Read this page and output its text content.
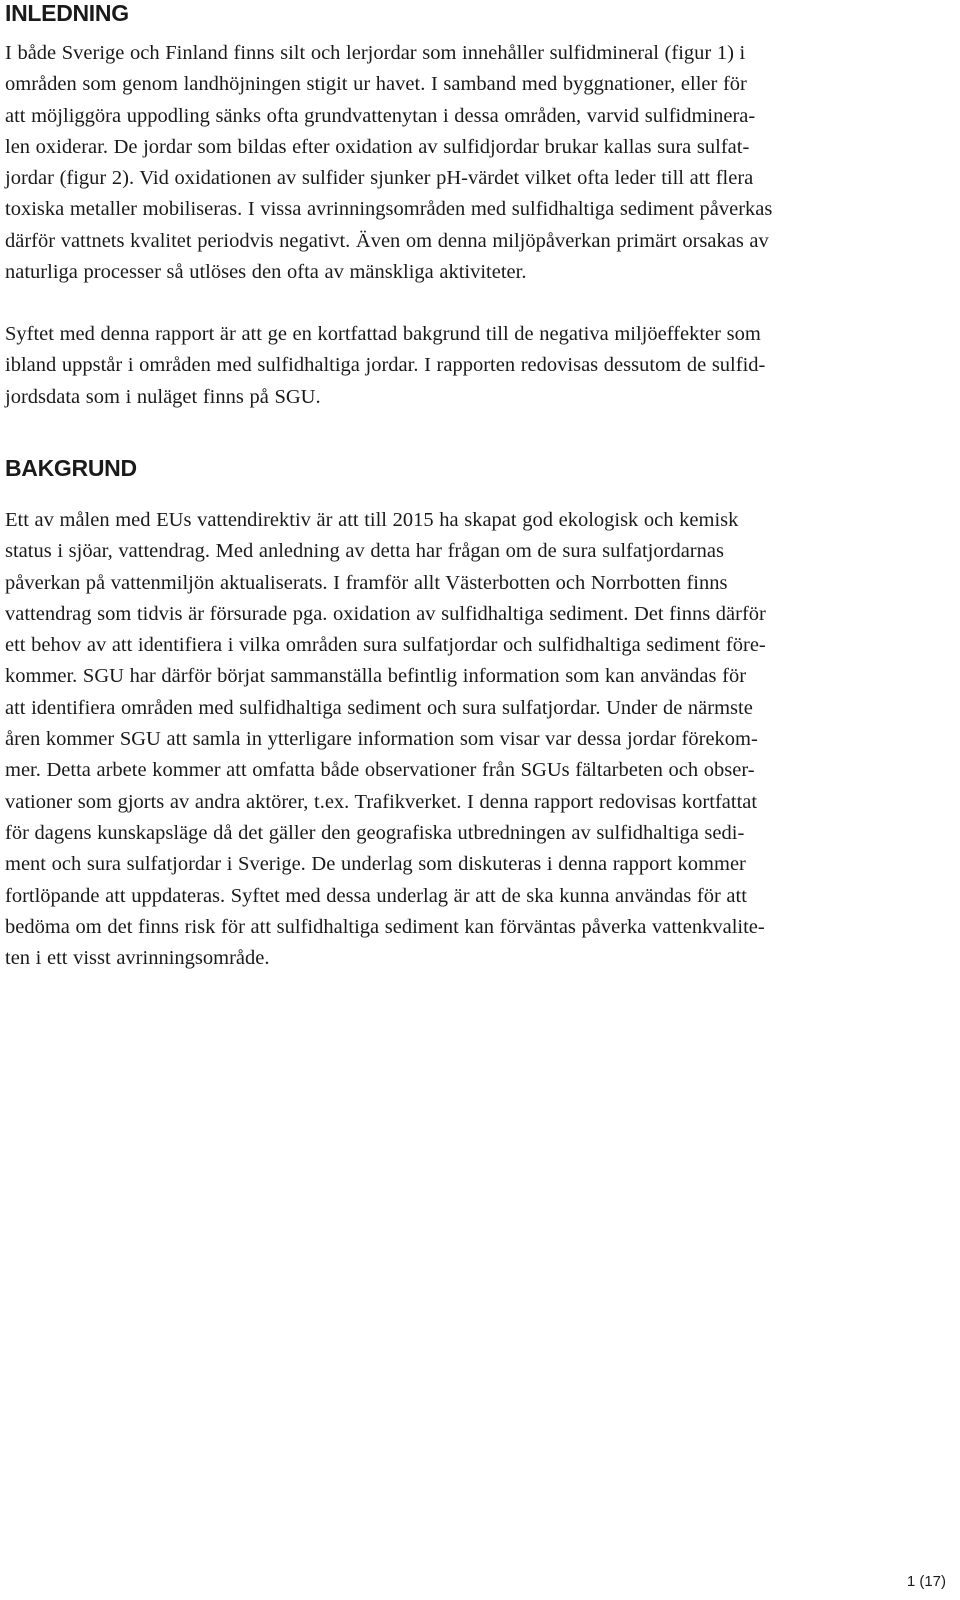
INLEDNING

I både Sverige och Finland finns silt och lerjordar som innehåller sulfidmineral (figur 1) i
områden som genom landhöjningen stigit ur havet. I samband med byggnationer, eller för
att möjliggöra uppodling sänks ofta grundvattenytan i dessa områden, varvid sulfidminera-
len oxiderar. De jordar som bildas efter oxidation av sulfidjordar brukar kallas sura sulfat-
jordar (figur 2). Vid oxidationen av sulfider sjunker pH-värdet vilket ofta leder till att flera
toxiska metaller mobiliseras. I vissa avrinningsområden med sulfidhaltiga sediment påverkas
därför vattnets kvalitet periodvis negativt. Även om denna miljöpåverkan primärt orsakas av
naturliga processer så utlöses den ofta av mänskliga aktiviteter.

Syftet med denna rapport är att ge en kortfattad bakgrund till de negativa miljöeffekter som
ibland uppstår i områden med sulfidhaltiga jordar. I rapporten redovisas dessutom de sulfid-
jordsdata som i nuläget finns på SGU.

BAKGRUND

Ett av målen med EUs vattendirektiv är att till 2015 ha skapat god ekologisk och kemisk
status i sjöar, vattendrag. Med anledning av detta har frågan om de sura sulfatjordarnas
påverkan på vattenmiljön aktualiserats. I framför allt Västerbotten och Norrbotten finns
vattendrag som tidvis är försurade pga. oxidation av sulfidhaltiga sediment. Det finns därför
ett behov av att identifiera i vilka områden sura sulfatjordar och sulfidhaltiga sediment före-
kommer. SGU har därför börjat sammanställa befintlig information som kan användas för
att identifiera områden med sulfidhaltiga sediment och sura sulfatjordar. Under de närmste
åren kommer SGU att samla in ytterligare information som visar var dessa jordar förekom-
mer. Detta arbete kommer att omfatta både observationer från SGUs fältarbeten och obser-
vationer som gjorts av andra aktörer, t.ex. Trafikverket. I denna rapport redovisas kortfattat
för dagens kunskapsläge då det gäller den geografiska utbredningen av sulfidhaltiga sedi-
ment och sura sulfatjordar i Sverige. De underlag som diskuteras i denna rapport kommer
fortlöpande att uppdateras. Syftet med dessa underlag är att de ska kunna användas för att
bedöma om det finns risk för att sulfidhaltiga sediment kan förväntas påverka vattenkvalite-
ten i ett visst avrinningsområde.

1 (17)
